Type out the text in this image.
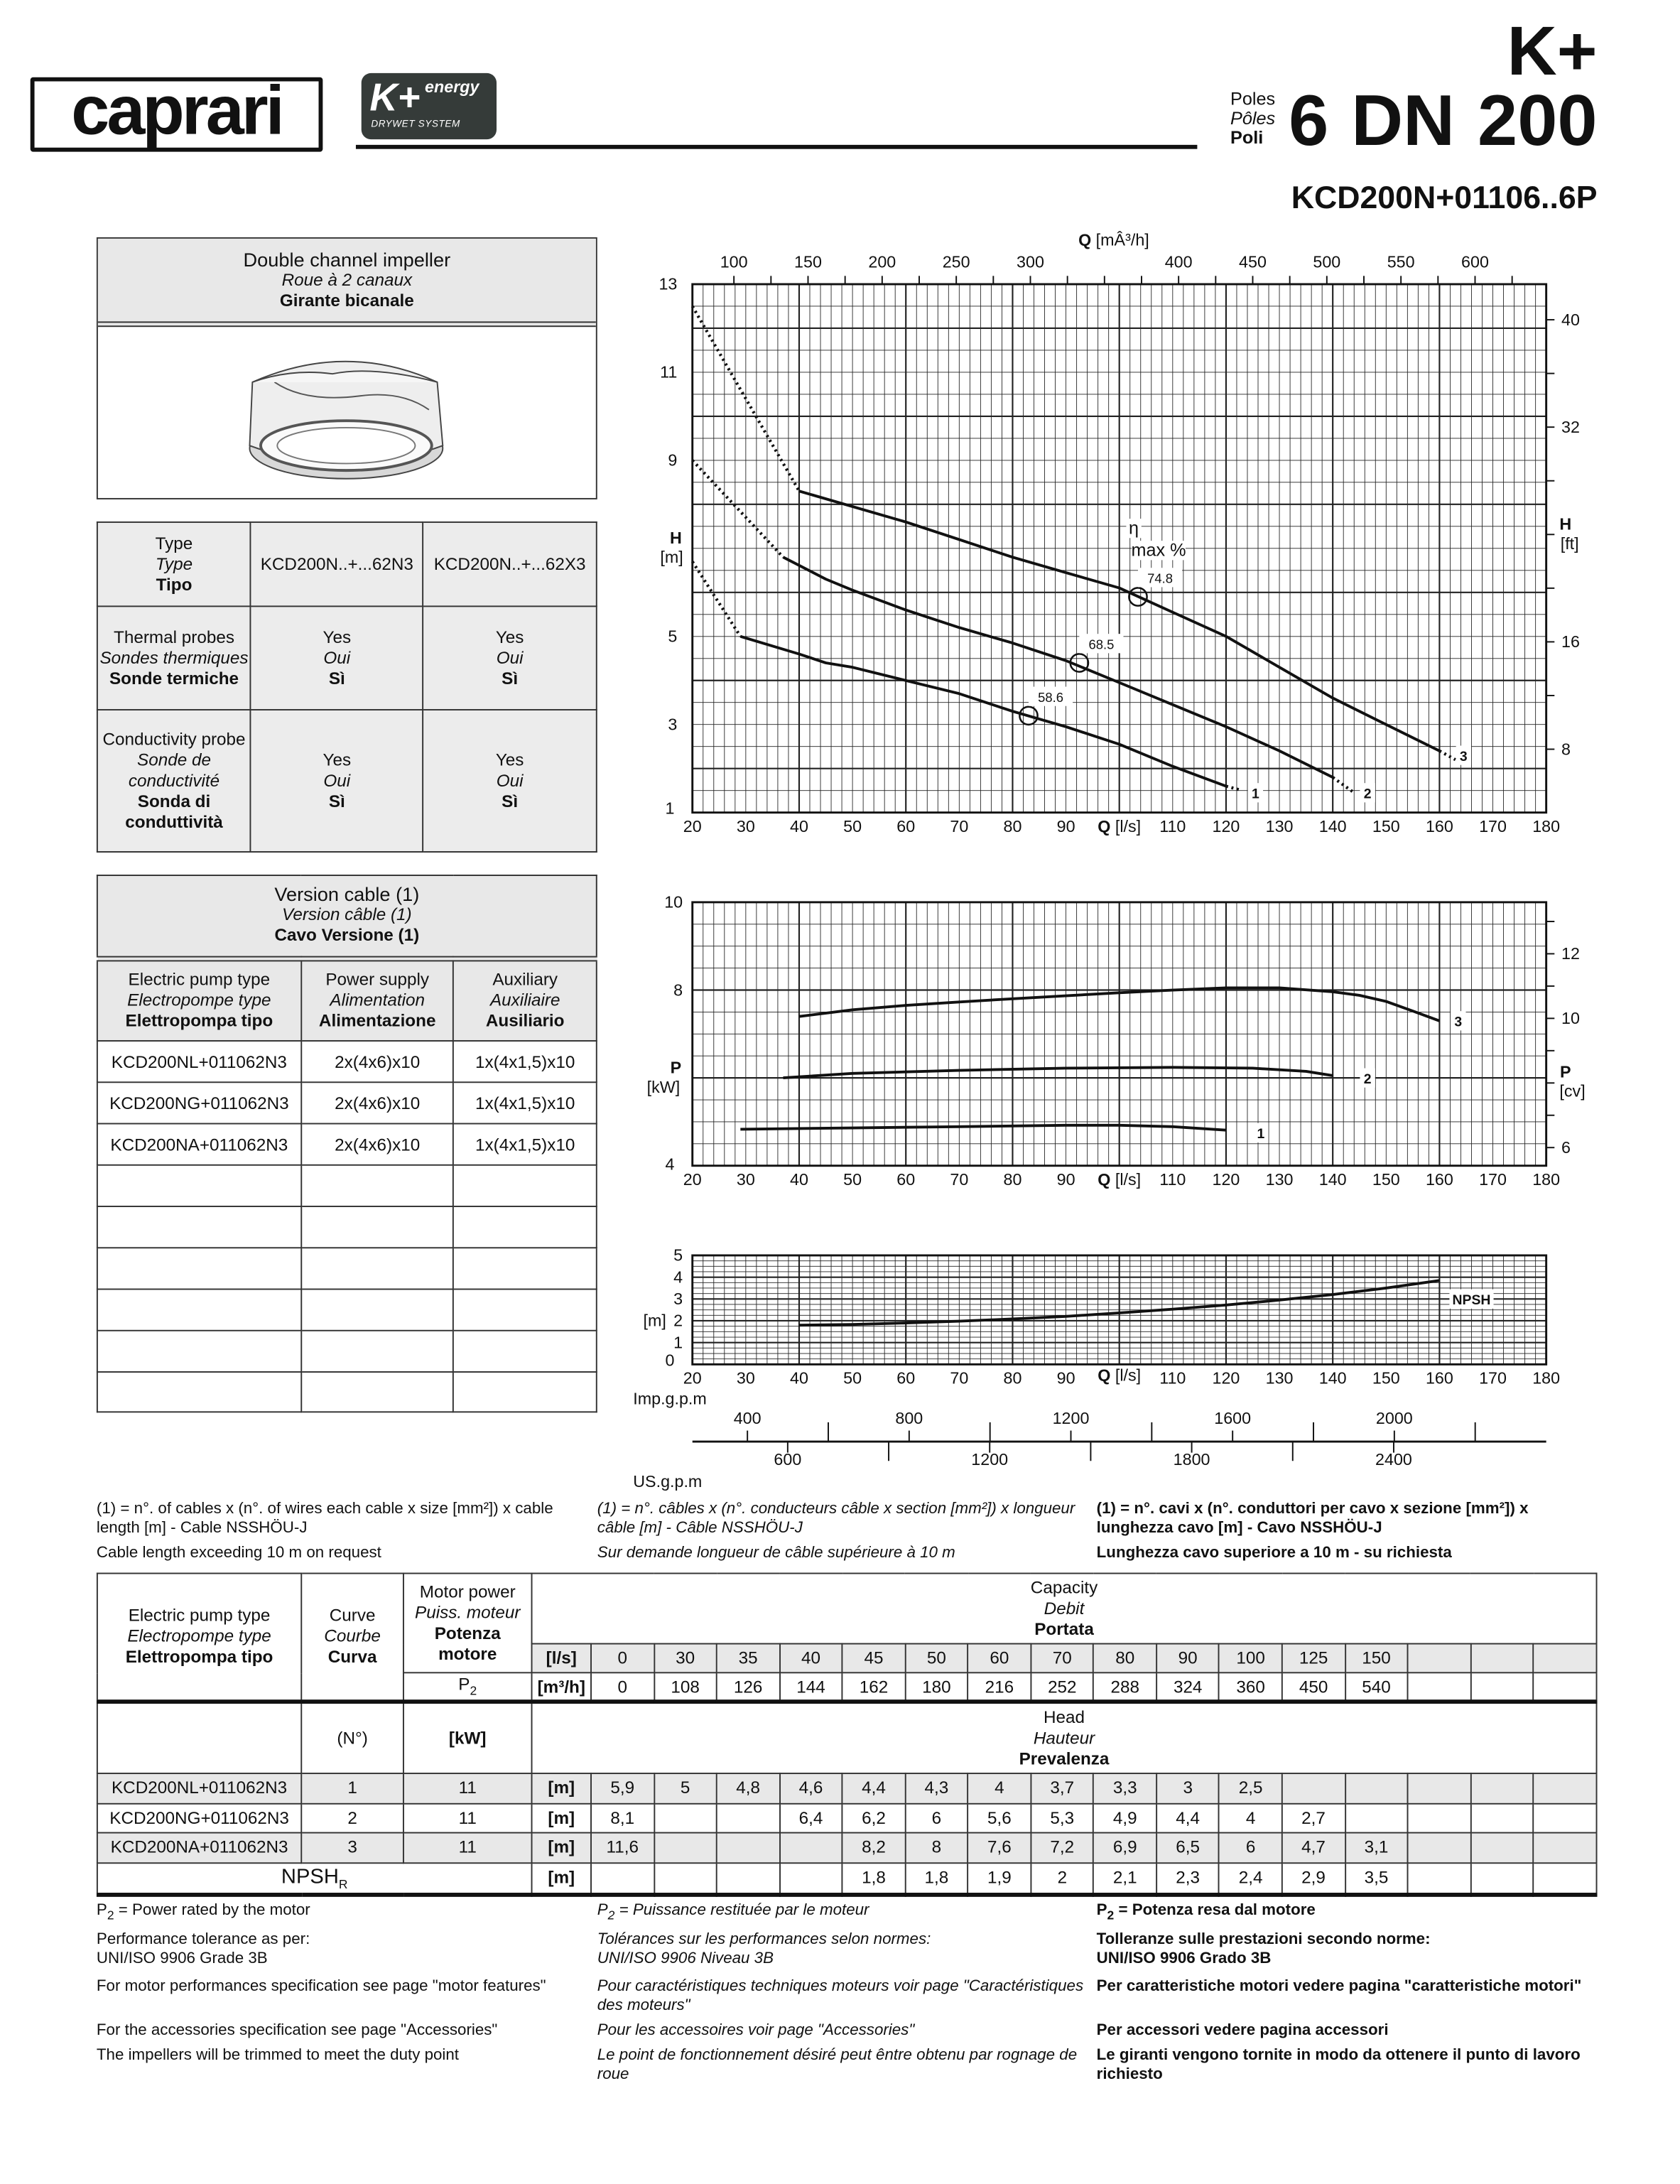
caprari	K+ energy
DRYWET SYSTEM
K+
Poles
Pôles
Poli 6 DN 200
KCD200N+01106..6P
Double channel impeller
Roue à 2 canaux
Girante bicanale
Type
Type
Tipo	KCD200N..+...62N3	KCD200N..+...62X3

Thermal probes
Sondes thermiques
Sonde termiche	Yes
Oui
Sì	Yes
Oui
Sì

Conductivity probe
Sonde de conductivité
Sonda di conduttività	Yes
Oui
Sì	Yes
Oui
Sì
Version cable (1)
Version câble (1)
Cavo Versione (1)		

Electric pump type
Electropompe type
Elettropompa tipo	Power supply
Alimentation
Alimentazione	Auxiliary
Auxiliaire
Ausiliario

KCD200NL+011062N3	2x(4x6)x10	1x(4x1,5)x10
KCD200NG+011062N3	2x(4x6)x10	1x(4x1,5)x10
KCD200NA+011062N3	2x(4x6)x10	1x(4x1,5)x10

20	30	40	50	60	70	80	90	110	120	130	140	150	160	170	180
1
3
5
9
11
13
Q [l/s]
H
[m]
H
[ft]
Q [mÂ³/h]
100	150	200	250	300	400	450	500	550	600
8
16
32
40
1	2
3
58.6
68.5
74.8
η
max %
20	30	40	50	60	70	80	90	110	120	130	140	150	160	170	180
4
8
10
Q [l/s]
P
[kW]
P
[cv]
6
10
12
1
2
3
20	30	40	50	60	70	80	90	110	120	130	140	150	160	170	180
0
1
2
3
4
5
Q [l/s]
[m]
NPSH
Imp.g.p.m
US.g.p.m
400	800	1200	1600	2000
600	1200	1800	2400
(1) = n°. of cables x (n°. of wires each cable x size [mm²]) x cable length [m] - Cable NSSHÖU-J
Cable length exceeding 10 m on request
(1) = n°. câbles x (n°. conducteurs câble x section [mm²]) x longueur câble [m] - Câble NSSHÖU-J
Sur demande longueur de câble supérieure à 10 m
(1) = n°. cavi x (n°. conduttori per cavo x sezione [mm²]) x lunghezza cavo [m] - Cavo NSSHÖU-J
Lunghezza cavo superiore a 10 m - su richiesta
Electric pump type
Electropompe type
Elettropompa tipo	Curve
Courbe
Curva	Motor power
Puiss. moteur
Potenza motore	Capacity
Debit
Portata																

			[l/s]	0	30	35	40	45	50	60	70	80	90	100	125	150			
		$P_2$	[m³/h]	0	108	126	144	162	180	216	252	288	324	360	450	540			
	(N°)	[kW]	Head
Hauteur
Prevalenza																

KCD200NL+011062N3	1	11	[m]	5,9	5	4,8	4,6	4,4	4,3	4	3,7	3,3	3	2,5					
KCD200NG+011062N3	2	11	[m]	8,1			6,4	6,2	6	5,6	5,3	4,9	4,4	4	2,7				
KCD200NA+011062N3	3	11	[m]	11,6				8,2	8	7,6	7,2	6,9	6,5	6	4,7	3,1			
$NPSH_R$			[m]					1,8	1,8	1,9	2	2,1	2,3	2,4	2,9	3,5			
$P_2$ = Power rated by the motor
Performance tolerance as per:
UNI/ISO 9906 Grade 3B
For motor performances specification see page "motor features"
For the accessories specification see page "Accessories"
The impellers will be trimmed to meet the duty point
$P_2$ = Puissance restituée par le moteur
Tolérances sur les performances selon normes:
UNI/ISO 9906 Niveau 3B
Pour caractéristiques techniques moteurs voir page "Caractéristiques des moteurs"
Pour les accessoires voir page "Accessories"
Le point de fonctionnement désiré peut êntre obtenu par rognage de roue
$P_2$ = Potenza resa dal motore
Tolleranze sulle prestazioni secondo norme:
UNI/ISO 9906 Grado 3B
Per caratteristiche motori vedere pagina "caratteristiche motori"
Per accessori vedere pagina accessori
Le giranti vengono tornite in modo da ottenere il punto di lavoro richiesto
